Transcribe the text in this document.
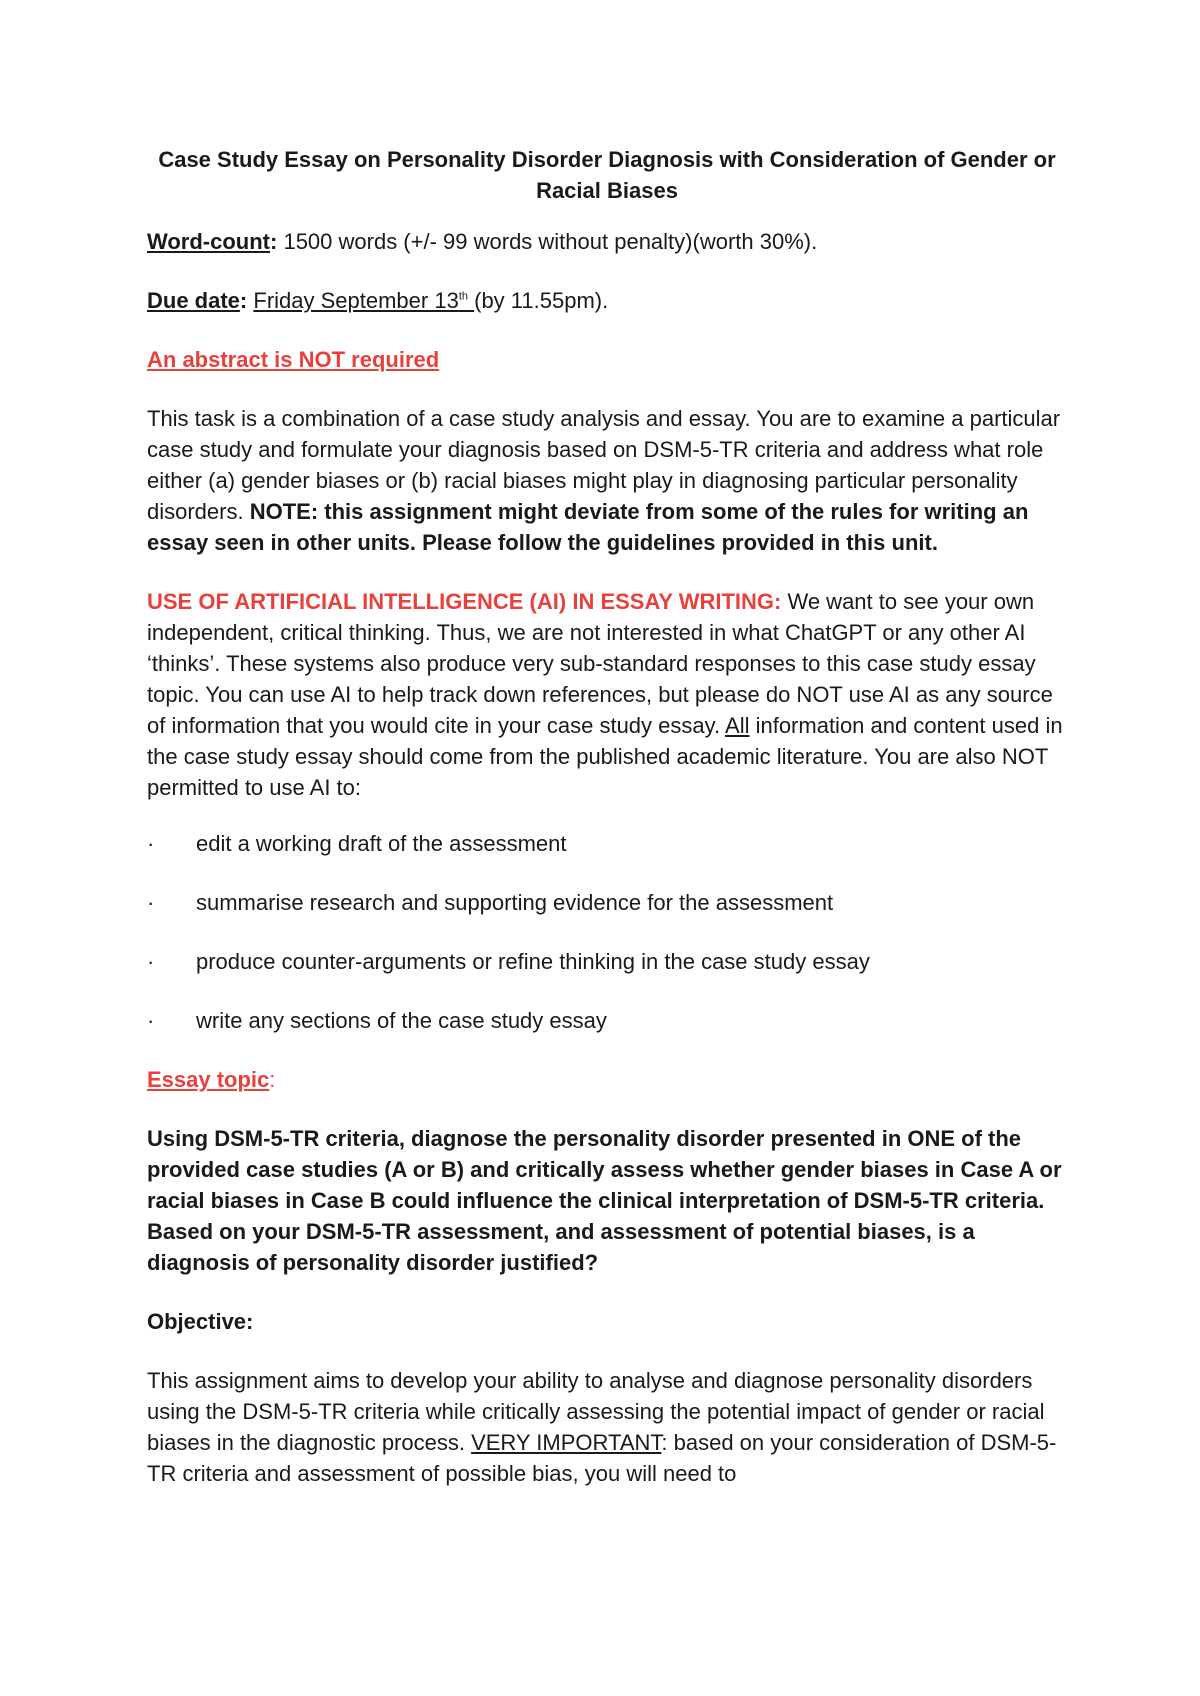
Case Study Essay on Personality Disorder Diagnosis with Consideration of Gender or Racial Biases

Word-count: 1500 words (+/- 99 words without penalty)(worth 30%).

Due date: Friday September 13th (by 11.55pm).

An abstract is NOT required

This task is a combination of a case study analysis and essay. You are to examine a particular case study and formulate your diagnosis based on DSM-5-TR criteria and address what role either (a) gender biases or (b) racial biases might play in diagnosing particular personality disorders. NOTE: this assignment might deviate from some of the rules for writing an essay seen in other units. Please follow the guidelines provided in this unit.

USE OF ARTIFICIAL INTELLIGENCE (AI) IN ESSAY WRITING: We want to see your own independent, critical thinking. Thus, we are not interested in what ChatGPT or any other AI ‘thinks’. These systems also produce very sub-standard responses to this case study essay topic. You can use AI to help track down references, but please do NOT use AI as any source of information that you would cite in your case study essay. All information and content used in the case study essay should come from the published academic literature. You are also NOT permitted to use AI to:

·	edit a working draft of the assessment
·	summarise research and supporting evidence for the assessment
·	produce counter-arguments or refine thinking in the case study essay
·	write any sections of the case study essay

Essay topic:

Using DSM-5-TR criteria, diagnose the personality disorder presented in ONE of the provided case studies (A or B) and critically assess whether gender biases in Case A or racial biases in Case B could influence the clinical interpretation of DSM-5-TR criteria. Based on your DSM-5-TR assessment, and assessment of potential biases, is a diagnosis of personality disorder justified?

Objective:

This assignment aims to develop your ability to analyse and diagnose personality disorders using the DSM-5-TR criteria while critically assessing the potential impact of gender or racial biases in the diagnostic process. VERY IMPORTANT: based on your consideration of DSM-5-TR criteria and assessment of possible bias, you will need to
